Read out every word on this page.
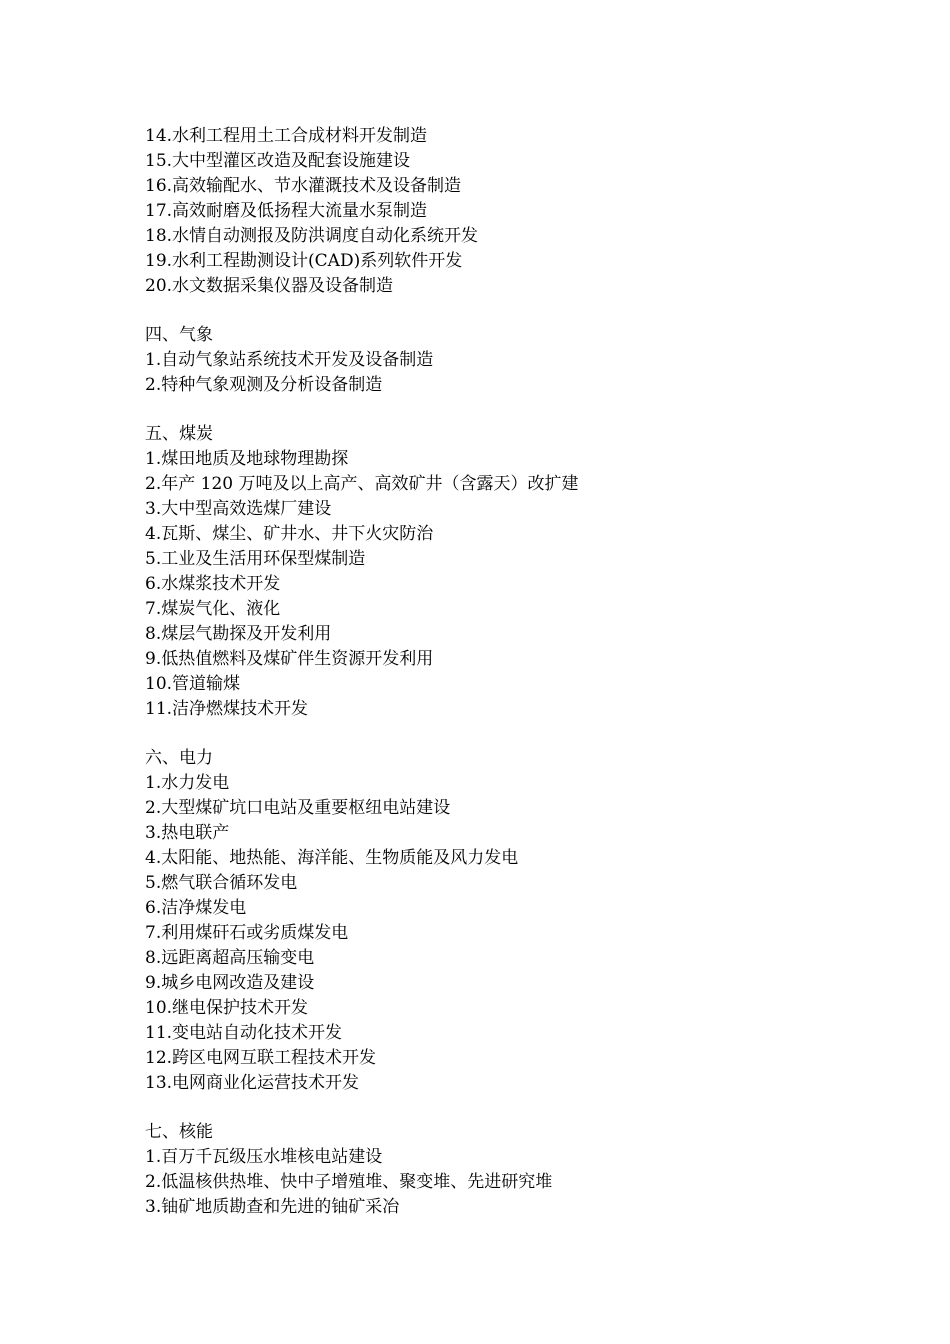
14.水利工程用土工合成材料开发制造
15.大中型灌区改造及配套设施建设
16.高效输配水、节水灌溉技术及设备制造
17.高效耐磨及低扬程大流量水泵制造
18.水情自动测报及防洪调度自动化系统开发
19.水利工程勘测设计(CAD)系列软件开发
20.水文数据采集仪器及设备制造
四、气象
1.自动气象站系统技术开发及设备制造
2.特种气象观测及分析设备制造
五、煤炭
1.煤田地质及地球物理勘探
2.年产 120 万吨及以上高产、高效矿井（含露天）改扩建
3.大中型高效选煤厂建设
4.瓦斯、煤尘、矿井水、井下火灾防治
5.工业及生活用环保型煤制造
6.水煤浆技术开发
7.煤炭气化、液化
8.煤层气勘探及开发利用
9.低热值燃料及煤矿伴生资源开发利用
10.管道输煤
11.洁净燃煤技术开发
六、电力
1.水力发电
2.大型煤矿坑口电站及重要枢纽电站建设
3.热电联产
4.太阳能、地热能、海洋能、生物质能及风力发电
5.燃气联合循环发电
6.洁净煤发电
7.利用煤矸石或劣质煤发电
8.远距离超高压输变电
9.城乡电网改造及建设
10.继电保护技术开发
11.变电站自动化技术开发
12.跨区电网互联工程技术开发
13.电网商业化运营技术开发
七、核能
1.百万千瓦级压水堆核电站建设
2.低温核供热堆、快中子增殖堆、聚变堆、先进研究堆
3.铀矿地质勘查和先进的铀矿采冶
